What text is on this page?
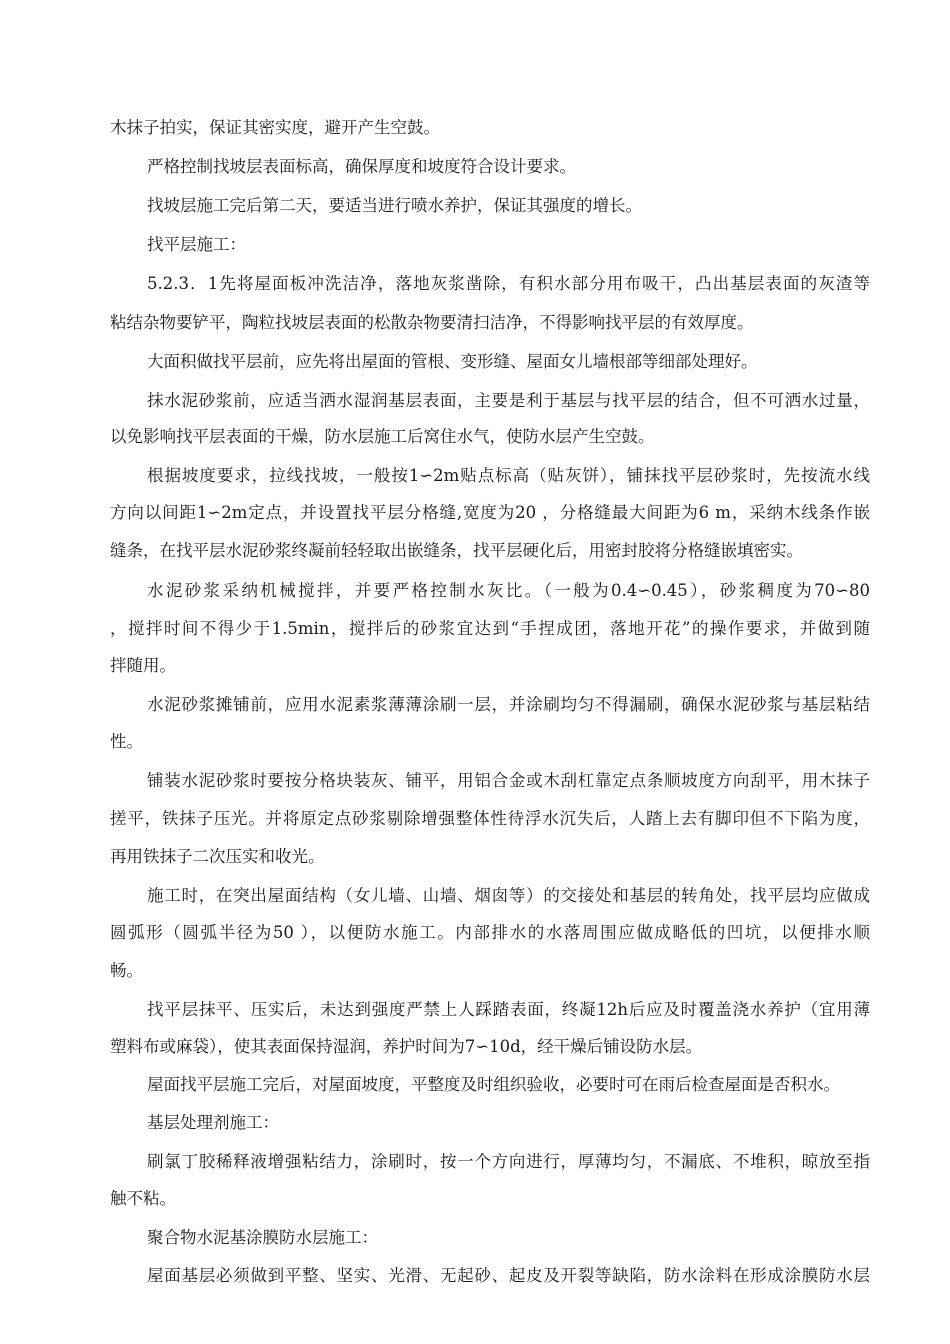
木抹子拍实，保证其密实度，避开产生空鼓。
严格控制找坡层表面标高，确保厚度和坡度符合设计要求。
找坡层施工完后第二天，要适当进行喷水养护，保证其强度的增长。
找平层施工：
5.2.3．1先将屋面板冲洗洁净，落地灰浆凿除，有积水部分用布吸干，凸出基层表面的灰渣等
粘结杂物要铲平，陶粒找坡层表面的松散杂物要清扫洁净，不得影响找平层的有效厚度。
大面积做找平层前，应先将出屋面的管根、变形缝、屋面女儿墙根部等细部处理好。
抹水泥砂浆前，应适当洒水湿润基层表面，主要是利于基层与找平层的结合，但不可洒水过量，
以免影响找平层表面的干燥，防水层施工后窝住水气，使防水层产生空鼓。
根据坡度要求，拉线找坡，一般按1∽2m贴点标高（贴灰饼），铺抹找平层砂浆时，先按流水线
方向以间距1∽2m定点，并设置找平层分格缝,宽度为20 ，分格缝最大间距为6 m，采纳木线条作嵌
缝条，在找平层水泥砂浆终凝前轻轻取出嵌缝条，找平层硬化后，用密封胶将分格缝嵌填密实。
水泥砂浆采纳机械搅拌，并要严格控制水灰比。（一般为0.4∽0.45），砂浆稠度为70∽80
，搅拌时间不得少于1.5min，搅拌后的砂浆宜达到“手捏成团，落地开花”的操作要求，并做到随
拌随用。
水泥砂浆摊铺前，应用水泥素浆薄薄涂刷一层，并涂刷均匀不得漏刷，确保水泥砂浆与基层粘结
性。
铺装水泥砂浆时要按分格块装灰、铺平，用铝合金或木刮杠靠定点条顺坡度方向刮平，用木抹子
搓平，铁抹子压光。并将原定点砂浆剔除增强整体性待浮水沉失后，人踏上去有脚印但不下陷为度，
再用铁抹子二次压实和收光。
施工时，在突出屋面结构（女儿墙、山墙、烟囱等）的交接处和基层的转角处，找平层均应做成
圆弧形（圆弧半径为50 ），以便防水施工。内部排水的水落周围应做成略低的凹坑，以便排水顺
畅。
找平层抹平、压实后，未达到强度严禁上人踩踏表面，终凝12h后应及时覆盖浇水养护（宜用薄
塑料布或麻袋），使其表面保持湿润，养护时间为7∽10d，经干燥后铺设防水层。
屋面找平层施工完后，对屋面坡度，平整度及时组织验收，必要时可在雨后检查屋面是否积水。
基层处理剂施工：
刷氯丁胶稀释液增强粘结力，涂刷时，按一个方向进行，厚薄均匀，不漏底、不堆积，晾放至指
触不粘。
聚合物水泥基涂膜防水层施工：
屋面基层必须做到平整、坚实、光滑、无起砂、起皮及开裂等缺陷，防水涂料在形成涂膜防水层
